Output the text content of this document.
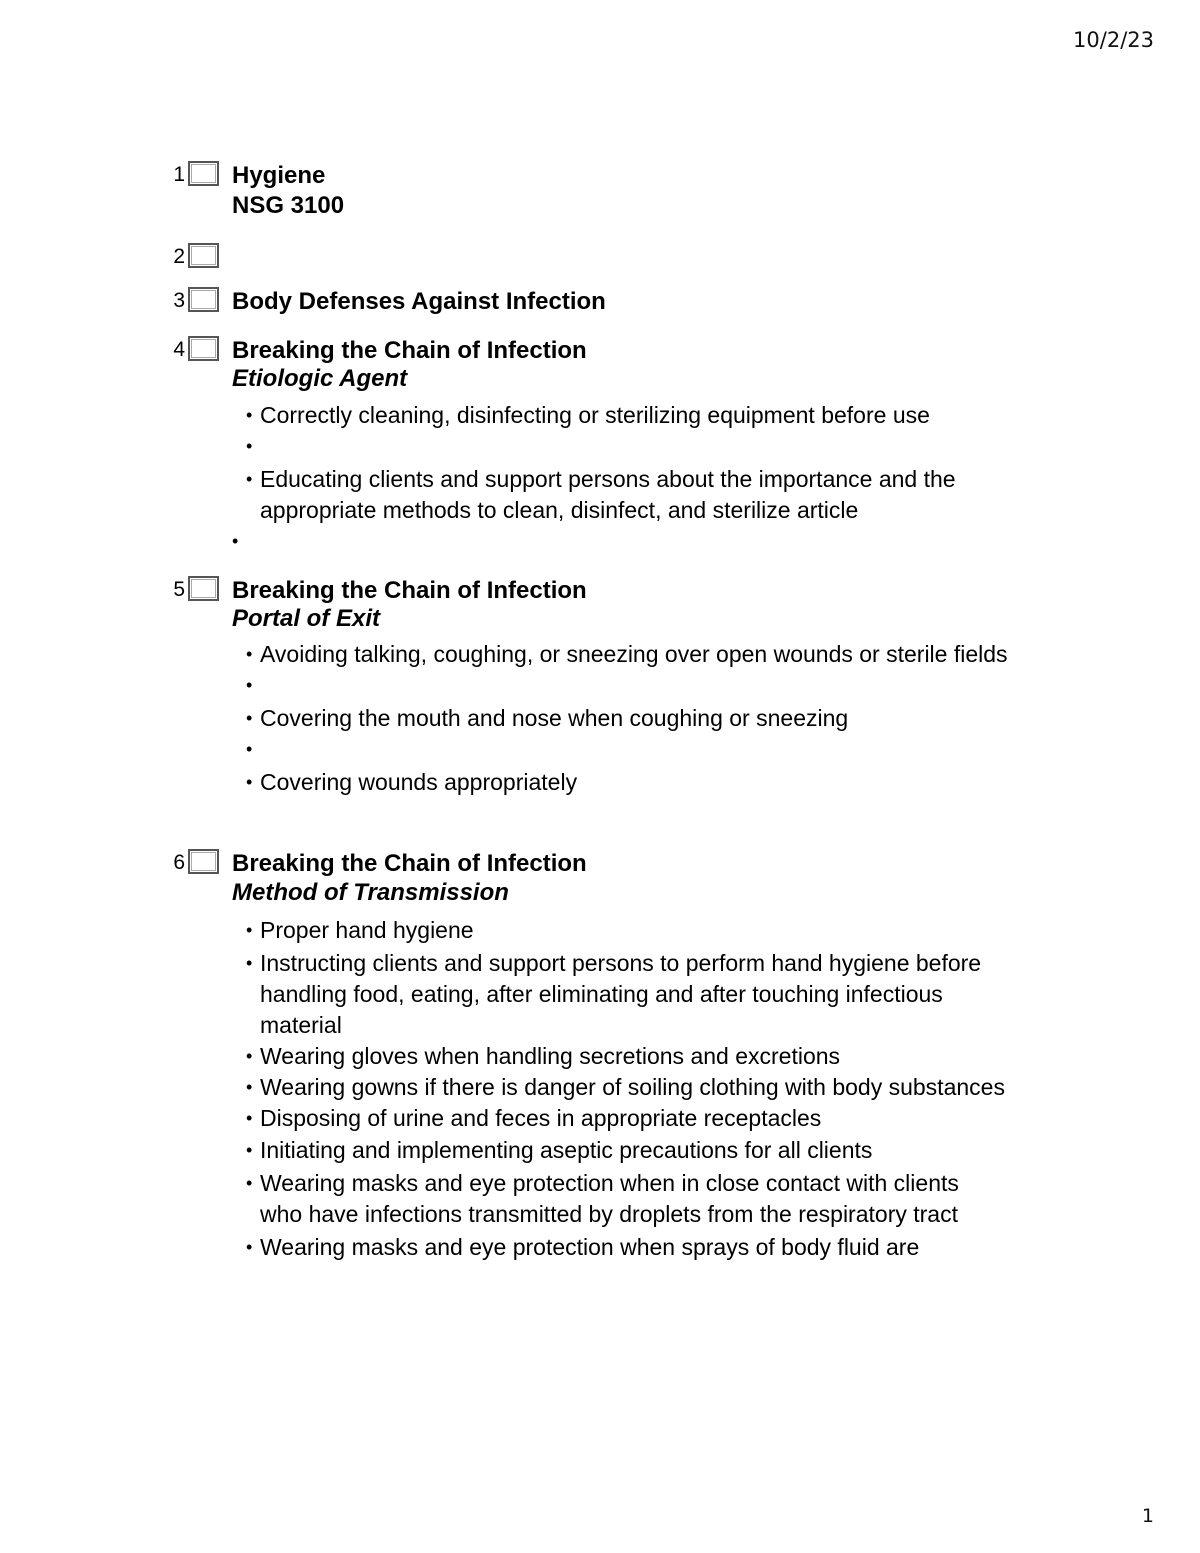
10/2/23
1 Hygiene
NSG 3100
2
3 Body Defenses Against Infection
4 Breaking the Chain of Infection
Etiologic Agent
• Correctly cleaning, disinfecting or sterilizing equipment before use
•
• Educating clients and support persons about the importance and the appropriate methods to clean, disinfect, and sterilize article
•
5 Breaking the Chain of Infection
Portal of Exit
• Avoiding talking, coughing, or sneezing over open wounds or sterile fields
•
• Covering the mouth and nose when coughing or sneezing
•
• Covering wounds appropriately
6 Breaking the Chain of Infection
Method of Transmission
• Proper hand hygiene
• Instructing clients and support persons to perform hand hygiene before handling food, eating, after eliminating and after touching infectious material
• Wearing gloves when handling secretions and excretions
• Wearing gowns if there is danger of soiling clothing with body substances
• Disposing of urine and feces in appropriate receptacles
• Initiating and implementing aseptic precautions for all clients
• Wearing masks and eye protection when in close contact with clients who have infections transmitted by droplets from the respiratory tract
• Wearing masks and eye protection when sprays of body fluid are
1
